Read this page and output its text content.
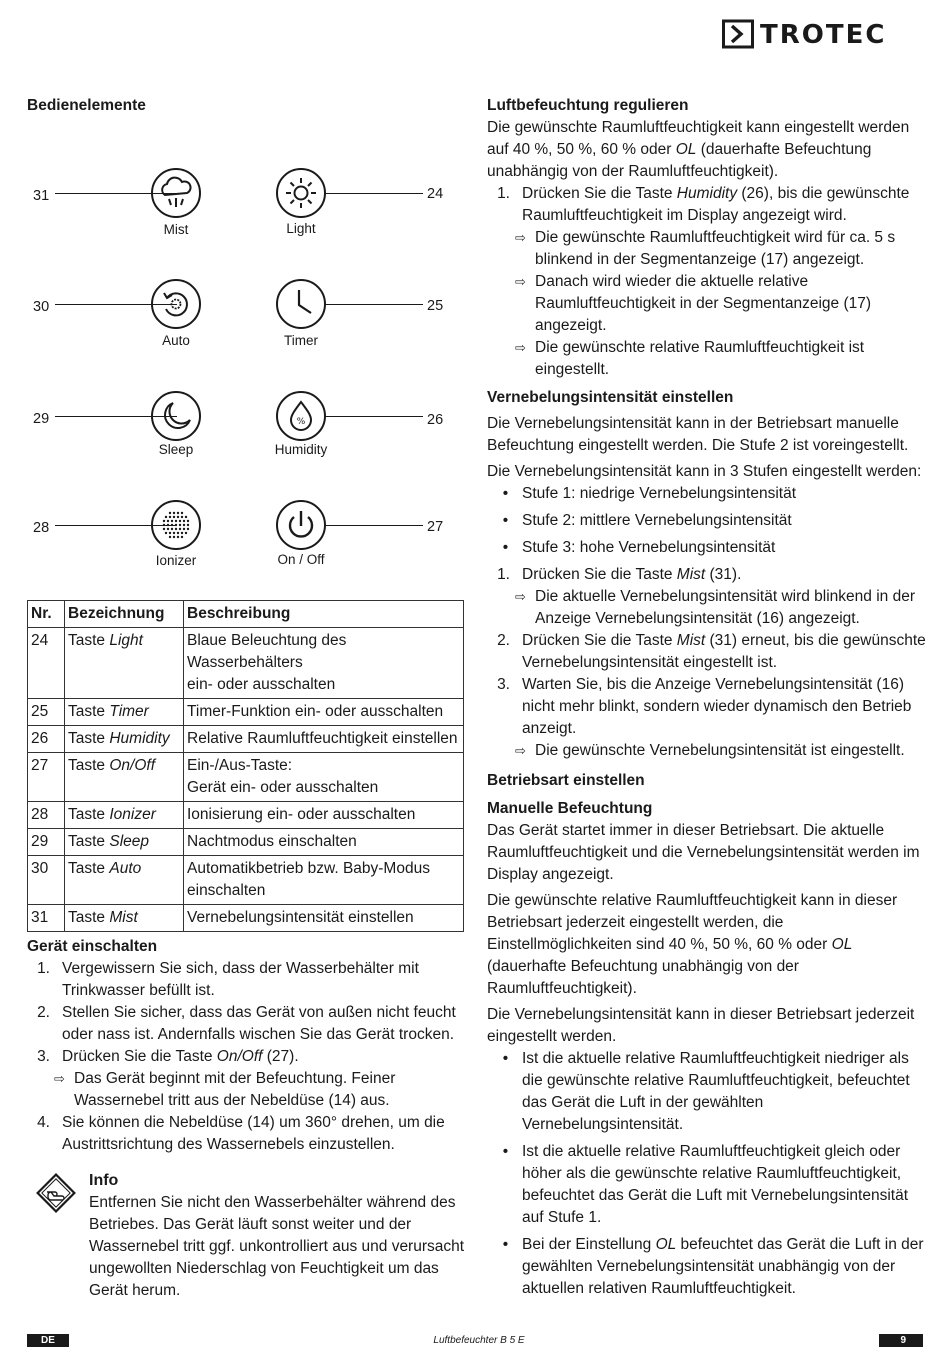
TROTEC
Bedienelemente
31	24
30	25
29	26
28	27
Mist	Light
Auto	Timer
Sleep
%
Humidity
Ionizer	On / Off
Nr.	Bezeichnung	Beschreibung
24	Taste Light	Blaue Beleuchtung des Wasserbehälters
ein- oder ausschalten
25	Taste Timer	Timer-Funktion ein- oder ausschalten
26	Taste Humidity	Relative Raumluftfeuchtigkeit einstellen
27	Taste On/Off	Ein-/Aus-Taste:
Gerät ein- oder ausschalten
28	Taste Ionizer	Ionisierung ein- oder ausschalten
29	Taste Sleep	Nachtmodus einschalten
30	Taste Auto	Automatikbetrieb bzw. Baby-Modus
einschalten
31	Taste Mist	Vernebelungsintensität einstellen
Gerät einschalten
1. Vergewissern Sie sich, dass der Wasserbehälter mit Trinkwasser befüllt ist.
2. Stellen Sie sicher, dass das Gerät von außen nicht feucht oder nass ist. Andernfalls wischen Sie das Gerät trocken.
3. Drücken Sie die Taste On/Off (27).
⇨ Das Gerät beginnt mit der Befeuchtung. Feiner Wassernebel tritt aus der Nebeldüse (14) aus.
4. Sie können die Nebeldüse (14) um 360° drehen, um die Austrittsrichtung des Wassernebels einzustellen.
Info
Entfernen Sie nicht den Wasserbehälter während des Betriebes. Das Gerät läuft sonst weiter und der Wassernebel tritt ggf. unkontrolliert aus und verursacht ungewollten Niederschlag von Feuchtigkeit um das Gerät herum.
Luftbefeuchtung regulieren

Die gewünschte Raumluftfeuchtigkeit kann eingestellt werden auf 40 %, 50 %, 60 % oder OL (dauerhafte Befeuchtung unabhängig von der Raumluftfeuchtigkeit).

1. Drücken Sie die Taste Humidity (26), bis die gewünschte Raumluftfeuchtigkeit im Display angezeigt wird.
⇨ Die gewünschte Raumluftfeuchtigkeit wird für ca. 5 s blinkend in der Segmentanzeige (17) angezeigt.
⇨ Danach wird wieder die aktuelle relative Raumluftfeuchtigkeit in der Segmentanzeige (17) angezeigt.
⇨ Die gewünschte relative Raumluftfeuchtigkeit ist eingestellt.
Vernebelungsintensität einstellen

Die Vernebelungsintensität kann in der Betriebsart manuelle Befeuchtung eingestellt werden. Die Stufe 2 ist voreingestellt.

Die Vernebelungsintensität kann in 3 Stufen eingestellt werden:

• Stufe 1: niedrige Vernebelungsintensität
• Stufe 2: mittlere Vernebelungsintensität
• Stufe 3: hohe Vernebelungsintensität
1. Drücken Sie die Taste Mist (31).
⇨ Die aktuelle Vernebelungsintensität wird blinkend in der Anzeige Vernebelungsintensität (16) angezeigt.
2. Drücken Sie die Taste Mist (31) erneut, bis die gewünschte Vernebelungsintensität eingestellt ist.
3. Warten Sie, bis die Anzeige Vernebelungsintensität (16) nicht mehr blinkt, sondern wieder dynamisch den Betrieb anzeigt.
⇨ Die gewünschte Vernebelungsintensität ist eingestellt.
Betriebsart einstellen
Manuelle Befeuchtung

Das Gerät startet immer in dieser Betriebsart. Die aktuelle Raumluftfeuchtigkeit und die Vernebelungsintensität werden im Display angezeigt.

Die gewünschte relative Raumluftfeuchtigkeit kann in dieser Betriebsart jederzeit eingestellt werden, die Einstellmöglichkeiten sind 40 %, 50 %, 60 % oder OL (dauerhafte Befeuchtung unabhängig von der Raumluftfeuchtigkeit).

Die Vernebelungsintensität kann in dieser Betriebsart jederzeit eingestellt werden.

• Ist die aktuelle relative Raumluftfeuchtigkeit niedriger als die gewünschte relative Raumluftfeuchtigkeit, befeuchtet das Gerät die Luft in der gewählten Vernebelungsintensität.
• Ist die aktuelle relative Raumluftfeuchtigkeit gleich oder höher als die gewünschte relative Raumluftfeuchtigkeit, befeuchtet das Gerät die Luft mit Vernebelungsintensität auf Stufe 1.
• Bei der Einstellung OL befeuchtet das Gerät die Luft in der gewählten Vernebelungsintensität unabhängig von der aktuellen relativen Raumluftfeuchtigkeit.
DE	Luftbefeuchter B 5 E	9
